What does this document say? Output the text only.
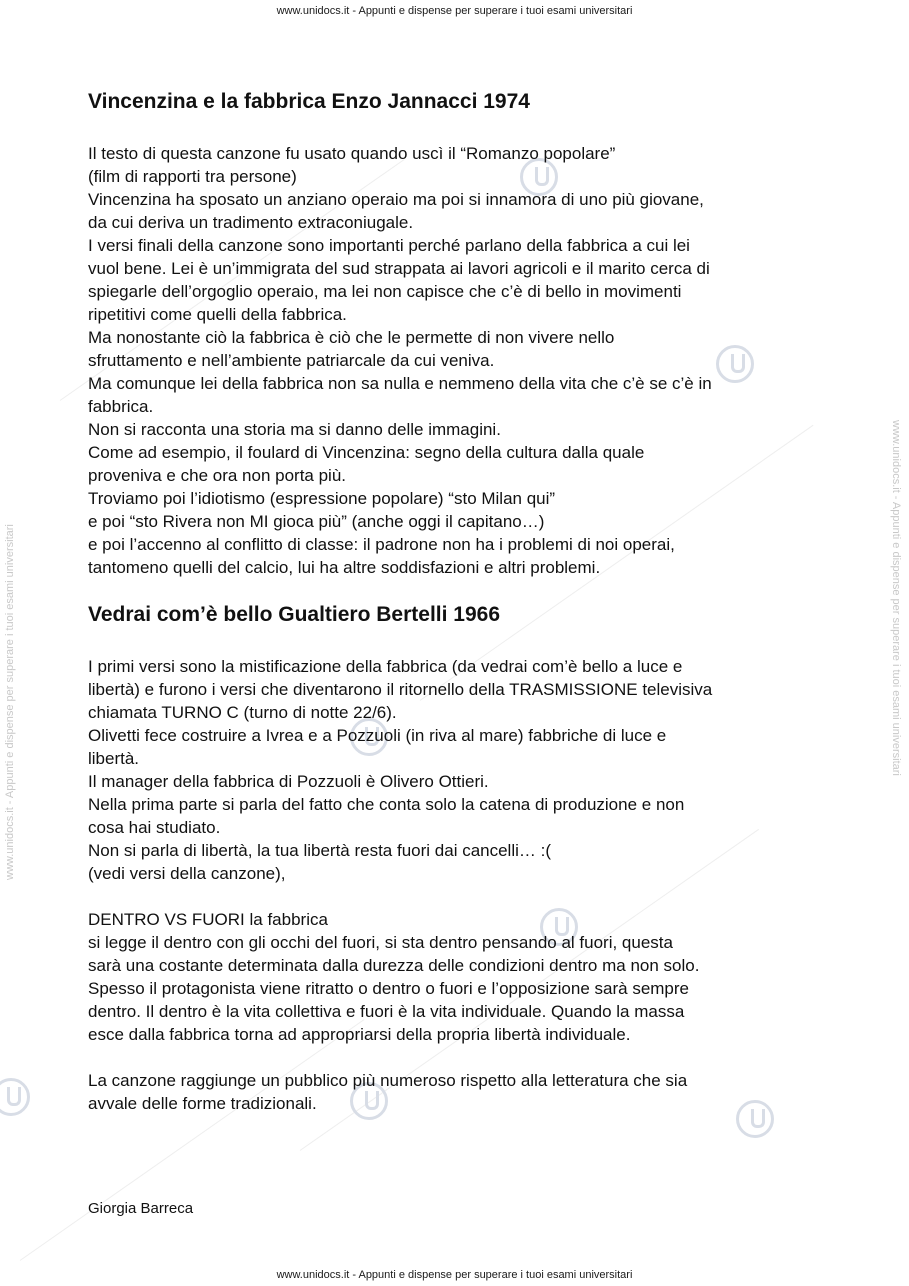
www.unidocs.it - Appunti e dispense per superare i tuoi esami universitari
www.unidocs.it - Appunti e dispense per superare i tuoi esami universitari
www.unidocs.it - Appunti e dispense per superare i tuoi esami universitari	www.unidocs.it - Appunti e dispense per superare i tuoi esami universitari
Vincenzina e la fabbrica Enzo Jannacci 1974

Il testo di questa canzone fu usato quando uscì il “Romanzo popolare”

(film di rapporti tra persone)

Vincenzina ha sposato un anziano operaio ma poi si innamora di uno più giovane,

da cui deriva un tradimento extraconiugale.

I versi finali della canzone sono importanti perché parlano della fabbrica a cui lei

vuol bene. Lei è un’immigrata del sud strappata ai lavori agricoli e il marito cerca di

spiegarle dell’orgoglio operaio, ma lei non capisce che c’è di bello in movimenti

ripetitivi come quelli della fabbrica.

Ma nonostante ciò la fabbrica è ciò che le permette di non vivere nello

sfruttamento e nell’ambiente patriarcale da cui veniva.

Ma comunque lei della fabbrica non sa nulla e nemmeno della vita che c’è se c’è in

fabbrica.

Non si racconta una storia ma si danno delle immagini.

Come ad esempio, il foulard di Vincenzina: segno della cultura dalla quale

proveniva e che ora non porta più.

Troviamo poi l’idiotismo (espressione popolare) “sto Milan qui”

e poi “sto Rivera non MI gioca più” (anche oggi il capitano…)

e poi l’accenno al conflitto di classe: il padrone non ha i problemi di noi operai,

tantomeno quelli del calcio, lui ha altre soddisfazioni e altri problemi.

Vedrai com’è bello Gualtiero Bertelli 1966

I primi versi sono la mistificazione della fabbrica (da vedrai com’è bello a luce e

libertà) e furono i versi che diventarono il ritornello della TRASMISSIONE televisiva

chiamata TURNO C (turno di notte 22/6).

Olivetti fece costruire a Ivrea e a Pozzuoli (in riva al mare) fabbriche di luce e

libertà.

Il manager della fabbrica di Pozzuoli è Olivero Ottieri.

Nella prima parte si parla del fatto che conta solo la catena di produzione e non

cosa hai studiato.

Non si parla di libertà, la tua libertà resta fuori dai cancelli… :(

(vedi versi della canzone),

DENTRO VS FUORI la fabbrica

si legge il dentro con gli occhi del fuori, si sta dentro pensando al fuori, questa

sarà una costante determinata dalla durezza delle condizioni dentro ma non solo.

Spesso il protagonista viene ritratto o dentro o fuori e l’opposizione sarà sempre

dentro. Il dentro è la vita collettiva e fuori è la vita individuale. Quando la massa

esce dalla fabbrica torna ad appropriarsi della propria libertà individuale.

La canzone raggiunge un pubblico più numeroso rispetto alla letteratura che sia

avvale delle forme tradizionali.

Giorgia Barreca
